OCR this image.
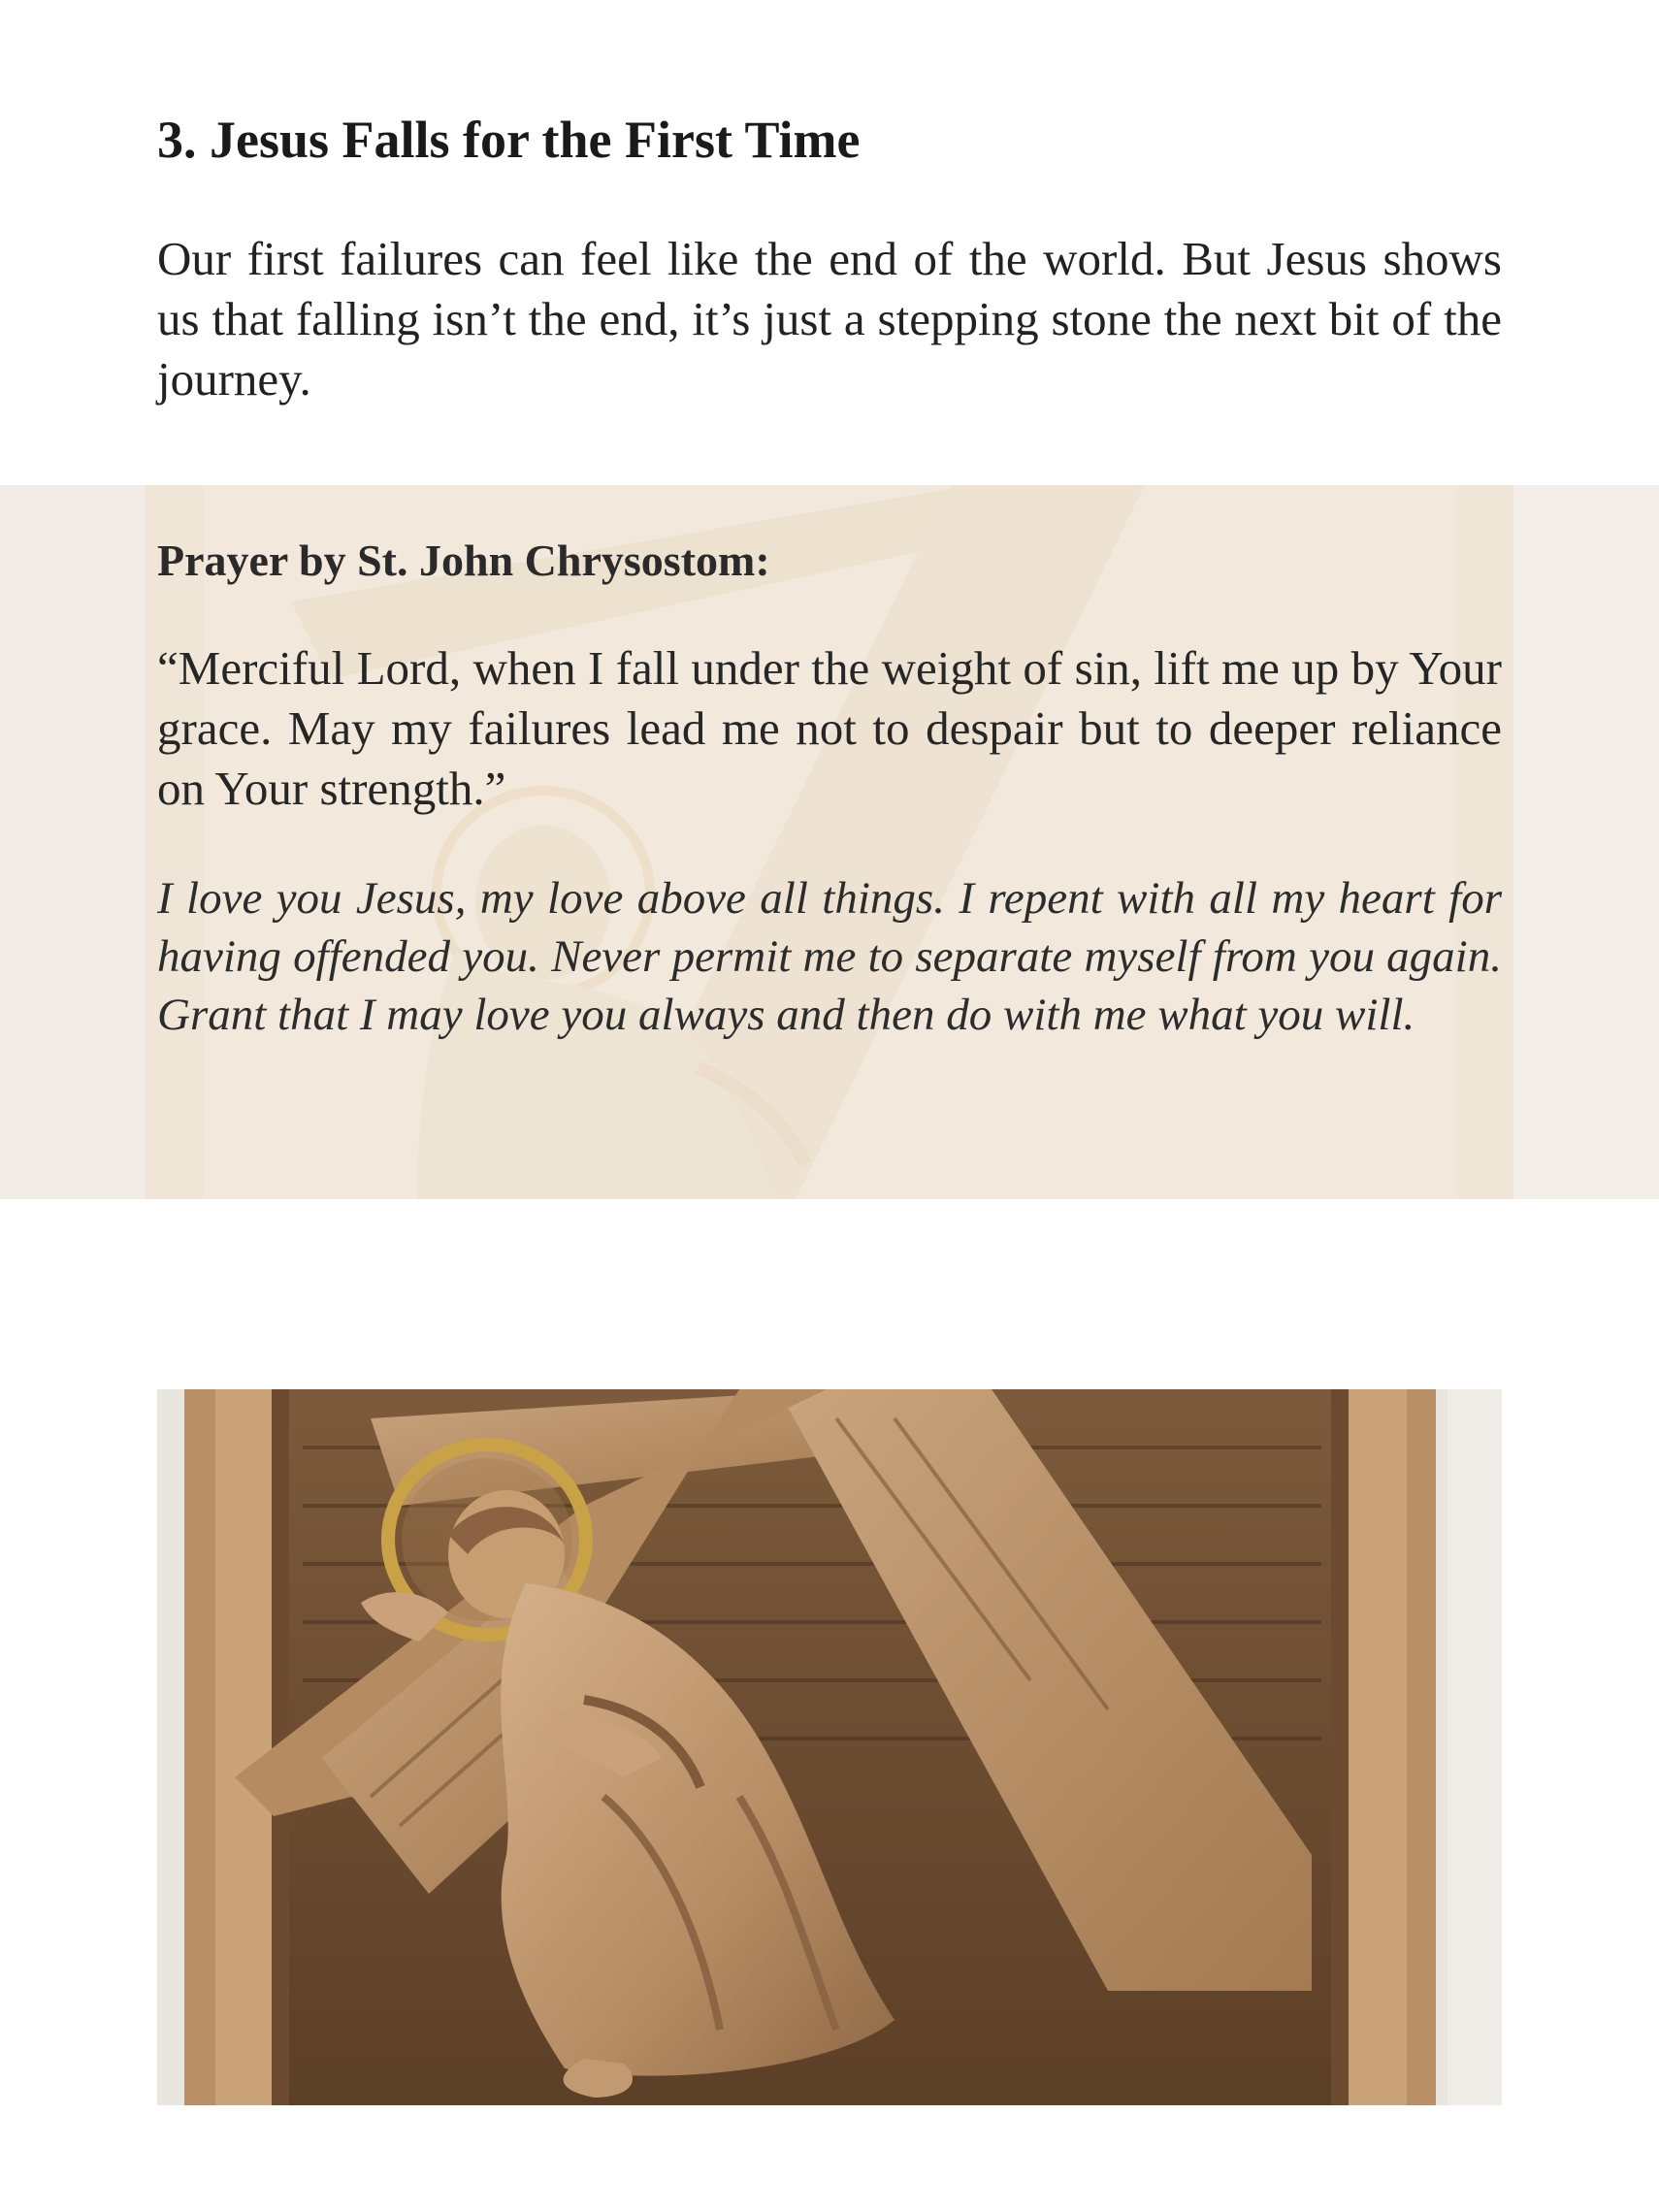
3. Jesus Falls for the First Time

Our first failures can feel like the end of the world. But Jesus shows us that falling isn’t the end, it’s just a stepping stone the next bit of the journey.

Prayer by St. John Chrysostom:

“Merciful Lord, when I fall under the weight of sin, lift me up by Your grace. May my failures lead me not to despair but to deeper reliance on Your strength.”

I love you Jesus, my love above all things. I repent with all my heart for having offended you. Never permit me to separate myself from you again. Grant that I may love you always and then do with me what you will.
